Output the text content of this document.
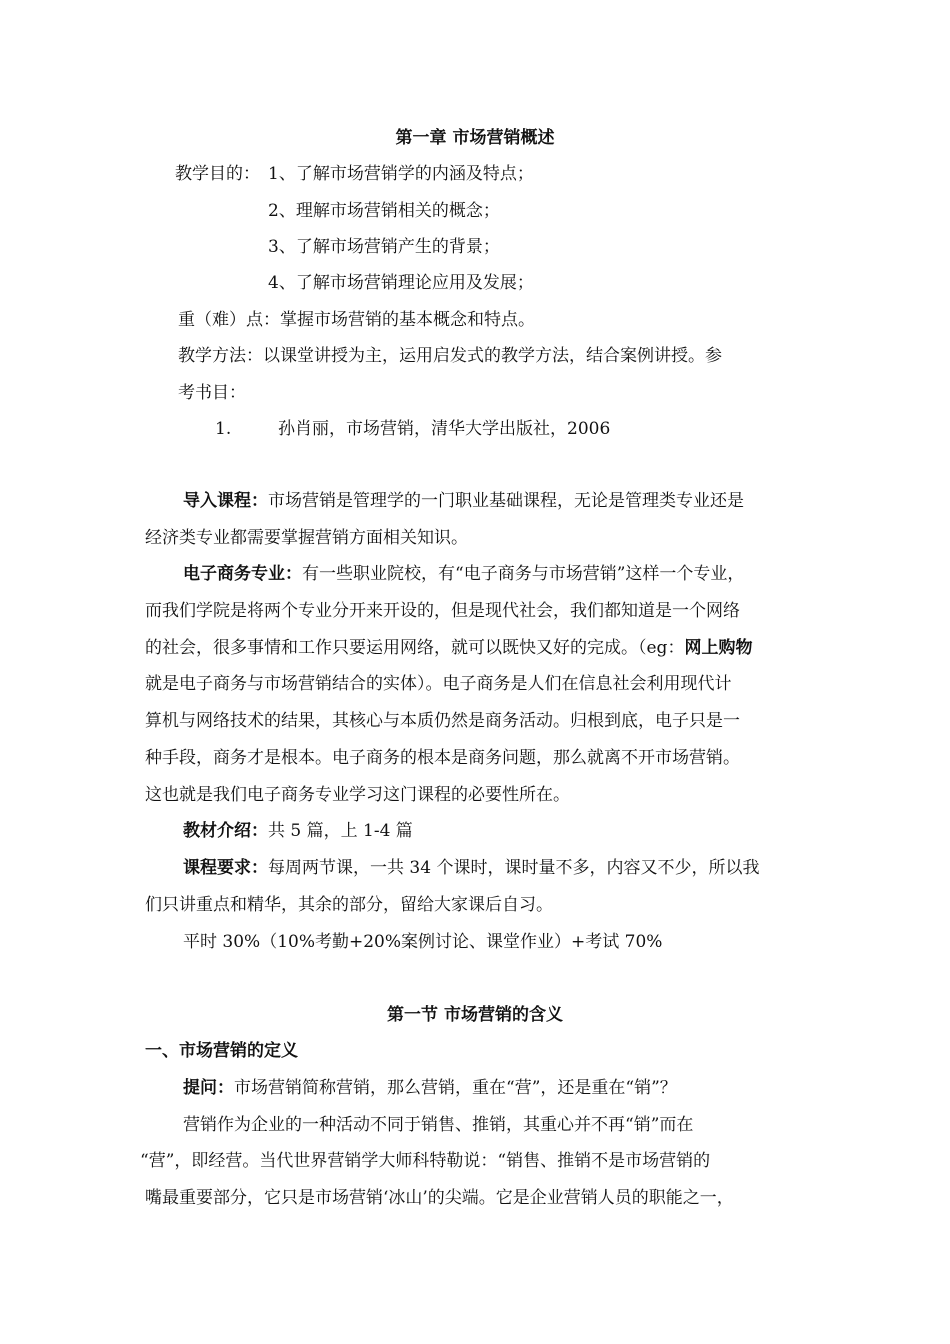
第一章 市场营销概述
教学目的： 1、了解市场营销学的内涵及特点；
2、理解市场营销相关的概念；
3、了解市场营销产生的背景；
4、了解市场营销理论应用及发展；
重（难）点：掌握市场营销的基本概念和特点。
教学方法：以课堂讲授为主，运用启发式的教学方法，结合案例讲授。参
考书目：
1.	孙肖丽，市场营销，清华大学出版社，2006
导入课程：市场营销是管理学的一门职业基础课程，无论是管理类专业还是
经济类专业都需要掌握营销方面相关知识。
电子商务专业：有一些职业院校，有“电子商务与市场营销”这样一个专业，
而我们学院是将两个专业分开来开设的，但是现代社会，我们都知道是一个网络
的社会，很多事情和工作只要运用网络，就可以既快又好的完成。（eg：网上购物
就是电子商务与市场营销结合的实体）。电子商务是人们在信息社会利用现代计
算机与网络技术的结果，其核心与本质仍然是商务活动。归根到底，电子只是一
种手段，商务才是根本。电子商务的根本是商务问题，那么就离不开市场营销。
这也就是我们电子商务专业学习这门课程的必要性所在。
教材介绍：共 5 篇，上 1-4 篇
课程要求：每周两节课，一共 34 个课时，课时量不多，内容又不少，所以我
们只讲重点和精华，其余的部分，留给大家课后自习。
平时 30%（10%考勤+20%案例讨论、课堂作业）+考试 70%
第一节 市场营销的含义
一、市场营销的定义
提问：市场营销简称营销，那么营销，重在“营”，还是重在“销”？
营销作为企业的一种活动不同于销售、推销，其重心并不再“销”而在
“营”，即经营。当代世界营销学大师科特勒说：“销售、推销不是市场营销的
嘴最重要部分，它只是市场营销‘冰山’的尖端。它是企业营销人员的职能之一，
